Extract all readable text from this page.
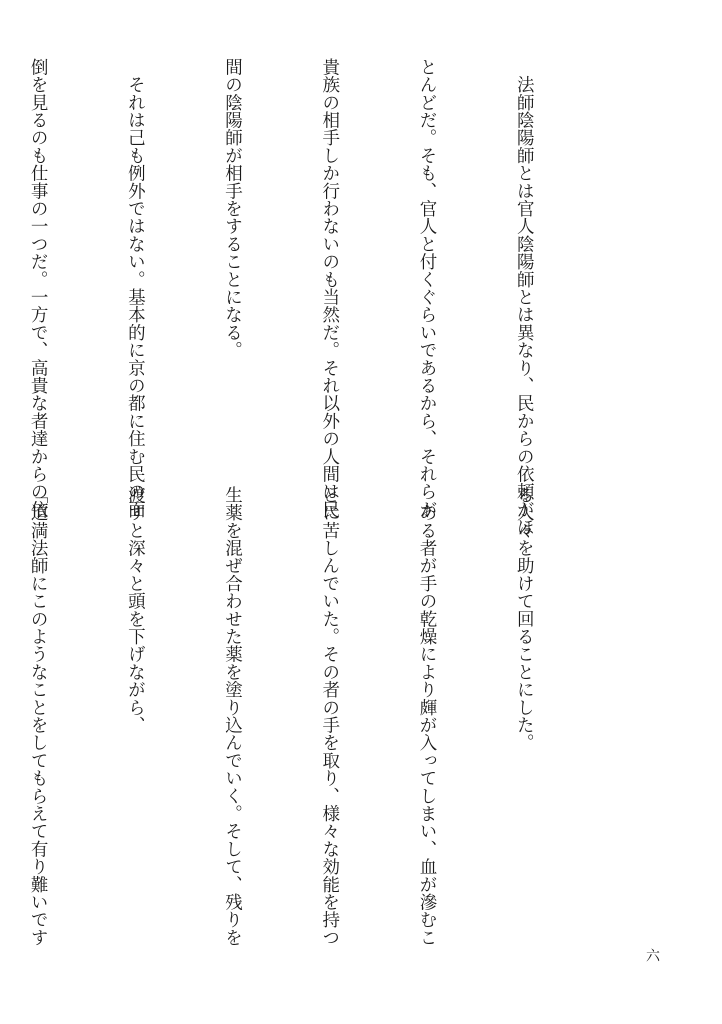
　法師陰陽師とは官人陰陽師とは異なり、民からの依頼がほ

とんどだ。そも、官人と付くぐらいであるから、それらが

貴族の相手しか行わないのも当然だ。それ以外の人間は民

間の陰陽師が相手をすることになる。

　それは己も例外ではない。基本的に京の都に住む民の面

倒を見るのも仕事の一つだ。一方で、高貴な者達からの依

る人々を助けて回ることにした。

　ある者が手の乾燥により皹が入ってしまい、血が滲むこ

とに苦しんでいた。その者の手を取り、様々な効能を持つ

生薬を混ぜ合わせた薬を塗り込んでいく。そして、残りを

渡すと深々と頭を下げながら、

「道満法師にこのようなことをしてもらえて有り難いです

六
